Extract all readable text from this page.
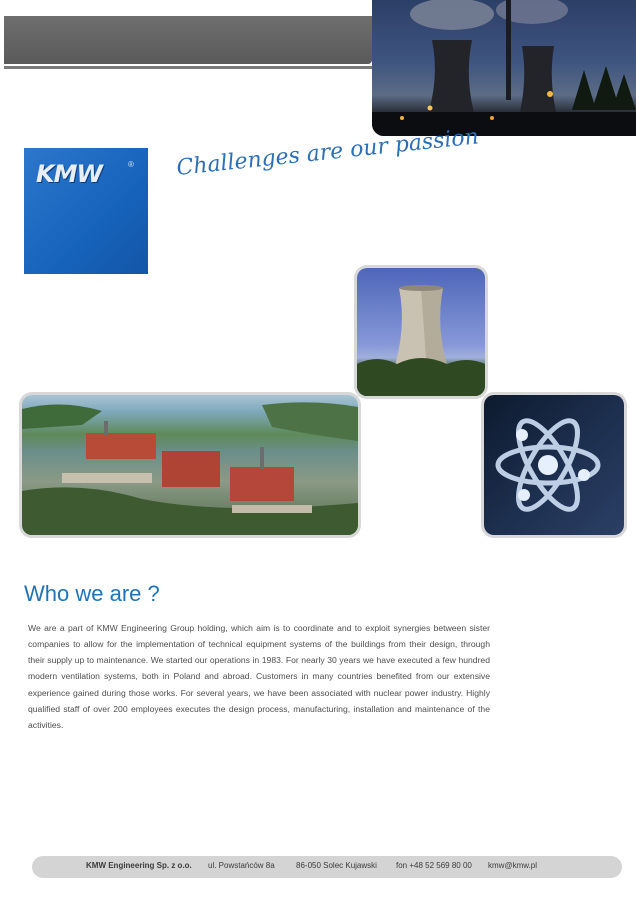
KMW	® Challenges are our passion
Who we are ?

We are a part of KMW Engineering Group holding, which aim is to coordinate and to exploit synergies between sister companies to allow for the implementation of technical equipment systems of the buildings from their design, through their supply up to maintenance. We started our operations in 1983. For nearly 30 years we have executed a few hundred modern ventilation systems, both in Poland and abroad. Customers in many countries benefited from our extensive experience gained during those works. For several years, we have been associated with nuclear power industry. Highly qualified staff of over 200 employees executes the design process, manufacturing, installation and maintenance of the activities.

KMW Engineering Sp. z o.o. ul. Powstańców 8a	86-050 Solec Kujawski fon +48 52 569 80 00 kmw@kmw.pl
